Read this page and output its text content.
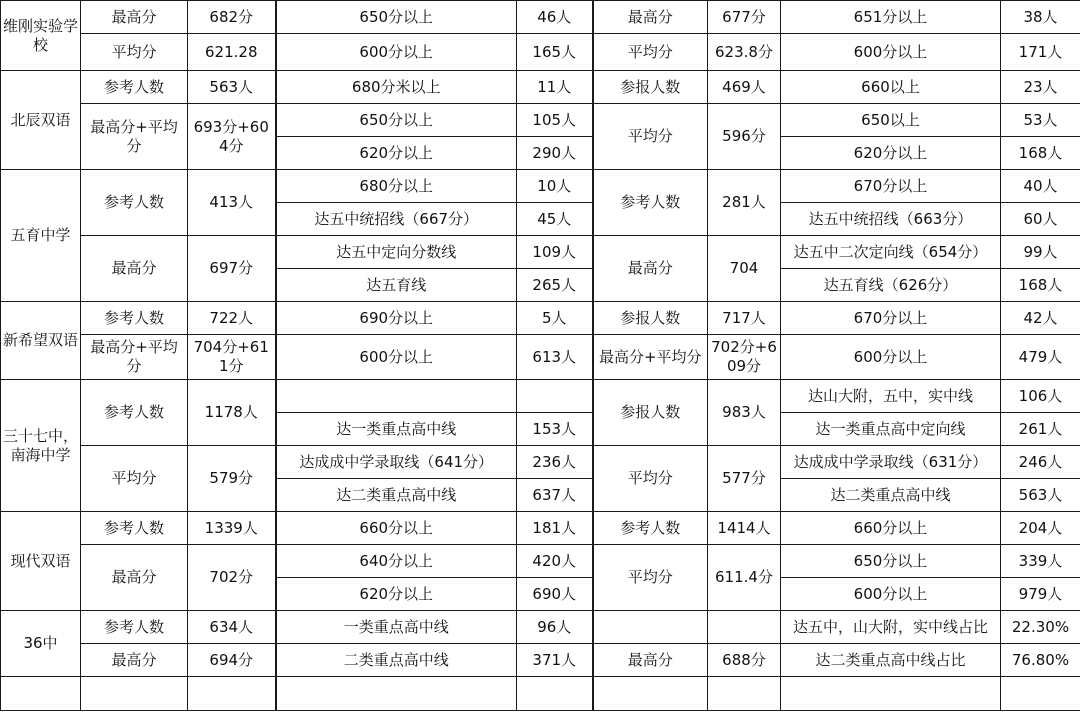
维刚实验学校	最高分	682分	650分以上	46人	最高分	677分	651分以上	38人
	平均分	621.28	600分以上	165人	平均分	623.8分	600分以上	171人
北辰双语	参考人数	563人	680分米以上	11人	参报人数	469人	660以上	23人
	最高分+平均分	693分+604分	650分以上	105人	平均分	596分	650以上	53人
			620分以上	290人			620分以上	168人
五育中学	参考人数	413人	680分以上	10人	参考人数	281人	670分以上	40人
			达五中统招线（667分）	45人			达五中统招线（663分）	60人
	最高分	697分	达五中定向分数线	109人	最高分	704	达五中二次定向线（654分）	99人
			达五育线	265人			达五育线（626分）	168人
新希望双语	参考人数	722人	690分以上	5人	参报人数	717人	670分以上	42人
	最高分+平均分	704分+611分	600分以上	613人	最高分+平均分	702分+609分	600分以上	479人
三十七中，南海中学	参考人数	1178人			参报人数	983人	达山大附，五中，实中线	106人
			达一类重点高中线	153人			达一类重点高中定向线	261人
	平均分	579分	达成成中学录取线（641分）	236人	平均分	577分	达成成中学录取线（631分）	246人
			达二类重点高中线	637人			达二类重点高中线	563人
现代双语	参考人数	1339人	660分以上	181人	参考人数	1414人	660分以上	204人
	最高分	702分	640分以上	420人	平均分	611.4分	650分以上	339人
			620分以上	690人			600分以上	979人
36中	参考人数	634人	一类重点高中线	96人			达五中，山大附，实中线占比	22.30%
	最高分	694分	二类重点高中线	371人	最高分	688分	达二类重点高中线占比	76.80%
